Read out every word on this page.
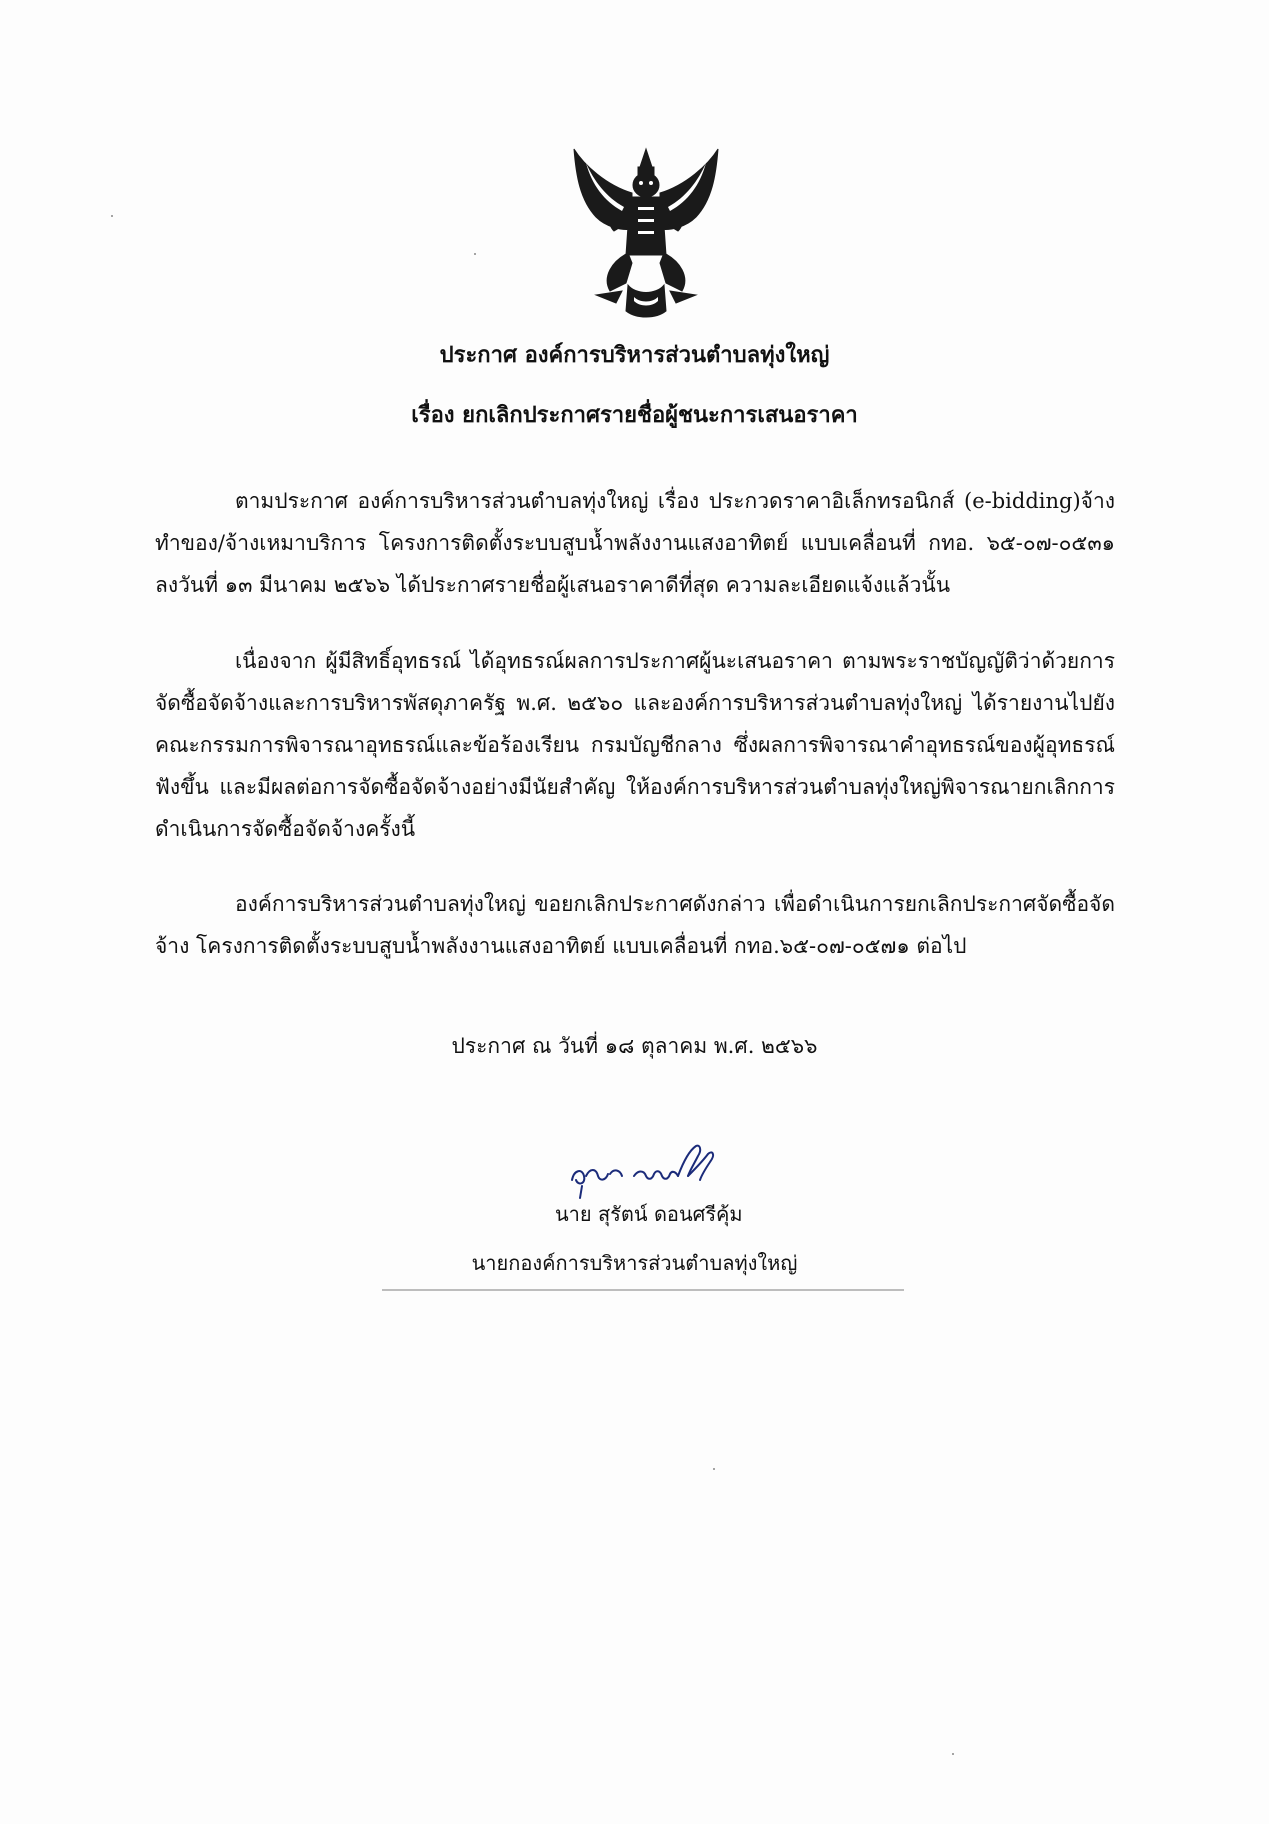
ประกาศ องค์การบริหารส่วนตำบลทุ่งใหญ่
เรื่อง ยกเลิกประกาศรายชื่อผู้ชนะการเสนอราคา

ตามประกาศ องค์การบริหารส่วนตำบลทุ่งใหญ่ เรื่อง ประกวดราคาอิเล็กทรอนิกส์ (e-bidding)จ้างทำของ/จ้างเหมาบริการ โครงการติดตั้งระบบสูบน้ำพลังงานแสงอาทิตย์ แบบเคลื่อนที่ กทอ. ๖๕-๐๗-๐๕๓๑ ลงวันที่ ๑๓ มีนาคม ๒๕๖๖ ได้ประกาศรายชื่อผู้เสนอราคาดีที่สุด ความละเอียดแจ้งแล้วนั้น

เนื่องจาก ผู้มีสิทธิ์อุทธรณ์ ได้อุทธรณ์ผลการประกาศผู้นะเสนอราคา ตามพระราชบัญญัติว่าด้วยการจัดซื้อจัดจ้างและการบริหารพัสดุภาครัฐ พ.ศ. ๒๕๖๐ และองค์การบริหารส่วนตำบลทุ่งใหญ่ ได้รายงานไปยัง คณะกรรมการพิจารณาอุทธรณ์และข้อร้องเรียน กรมบัญชีกลาง ซึ่งผลการพิจารณาคำอุทธรณ์ของผู้อุทธรณ์ฟังขึ้น และมีผลต่อการจัดซื้อจัดจ้างอย่างมีนัยสำคัญ ให้องค์การบริหารส่วนตำบลทุ่งใหญ่พิจารณายกเลิกการดำเนินการจัดซื้อจัดจ้างครั้งนี้

องค์การบริหารส่วนตำบลทุ่งใหญ่ ขอยกเลิกประกาศดังกล่าว เพื่อดำเนินการยกเลิกประกาศจัดซื้อจัดจ้าง โครงการติดตั้งระบบสูบน้ำพลังงานแสงอาทิตย์ แบบเคลื่อนที่ กทอ.๖๕-๐๗-๐๕๗๑ ต่อไป

ประกาศ ณ วันที่ ๑๘ ตุลาคม พ.ศ. ๒๕๖๖
นาย สุรัตน์ ดอนศรีคุ้ม
นายกองค์การบริหารส่วนตำบลทุ่งใหญ่
